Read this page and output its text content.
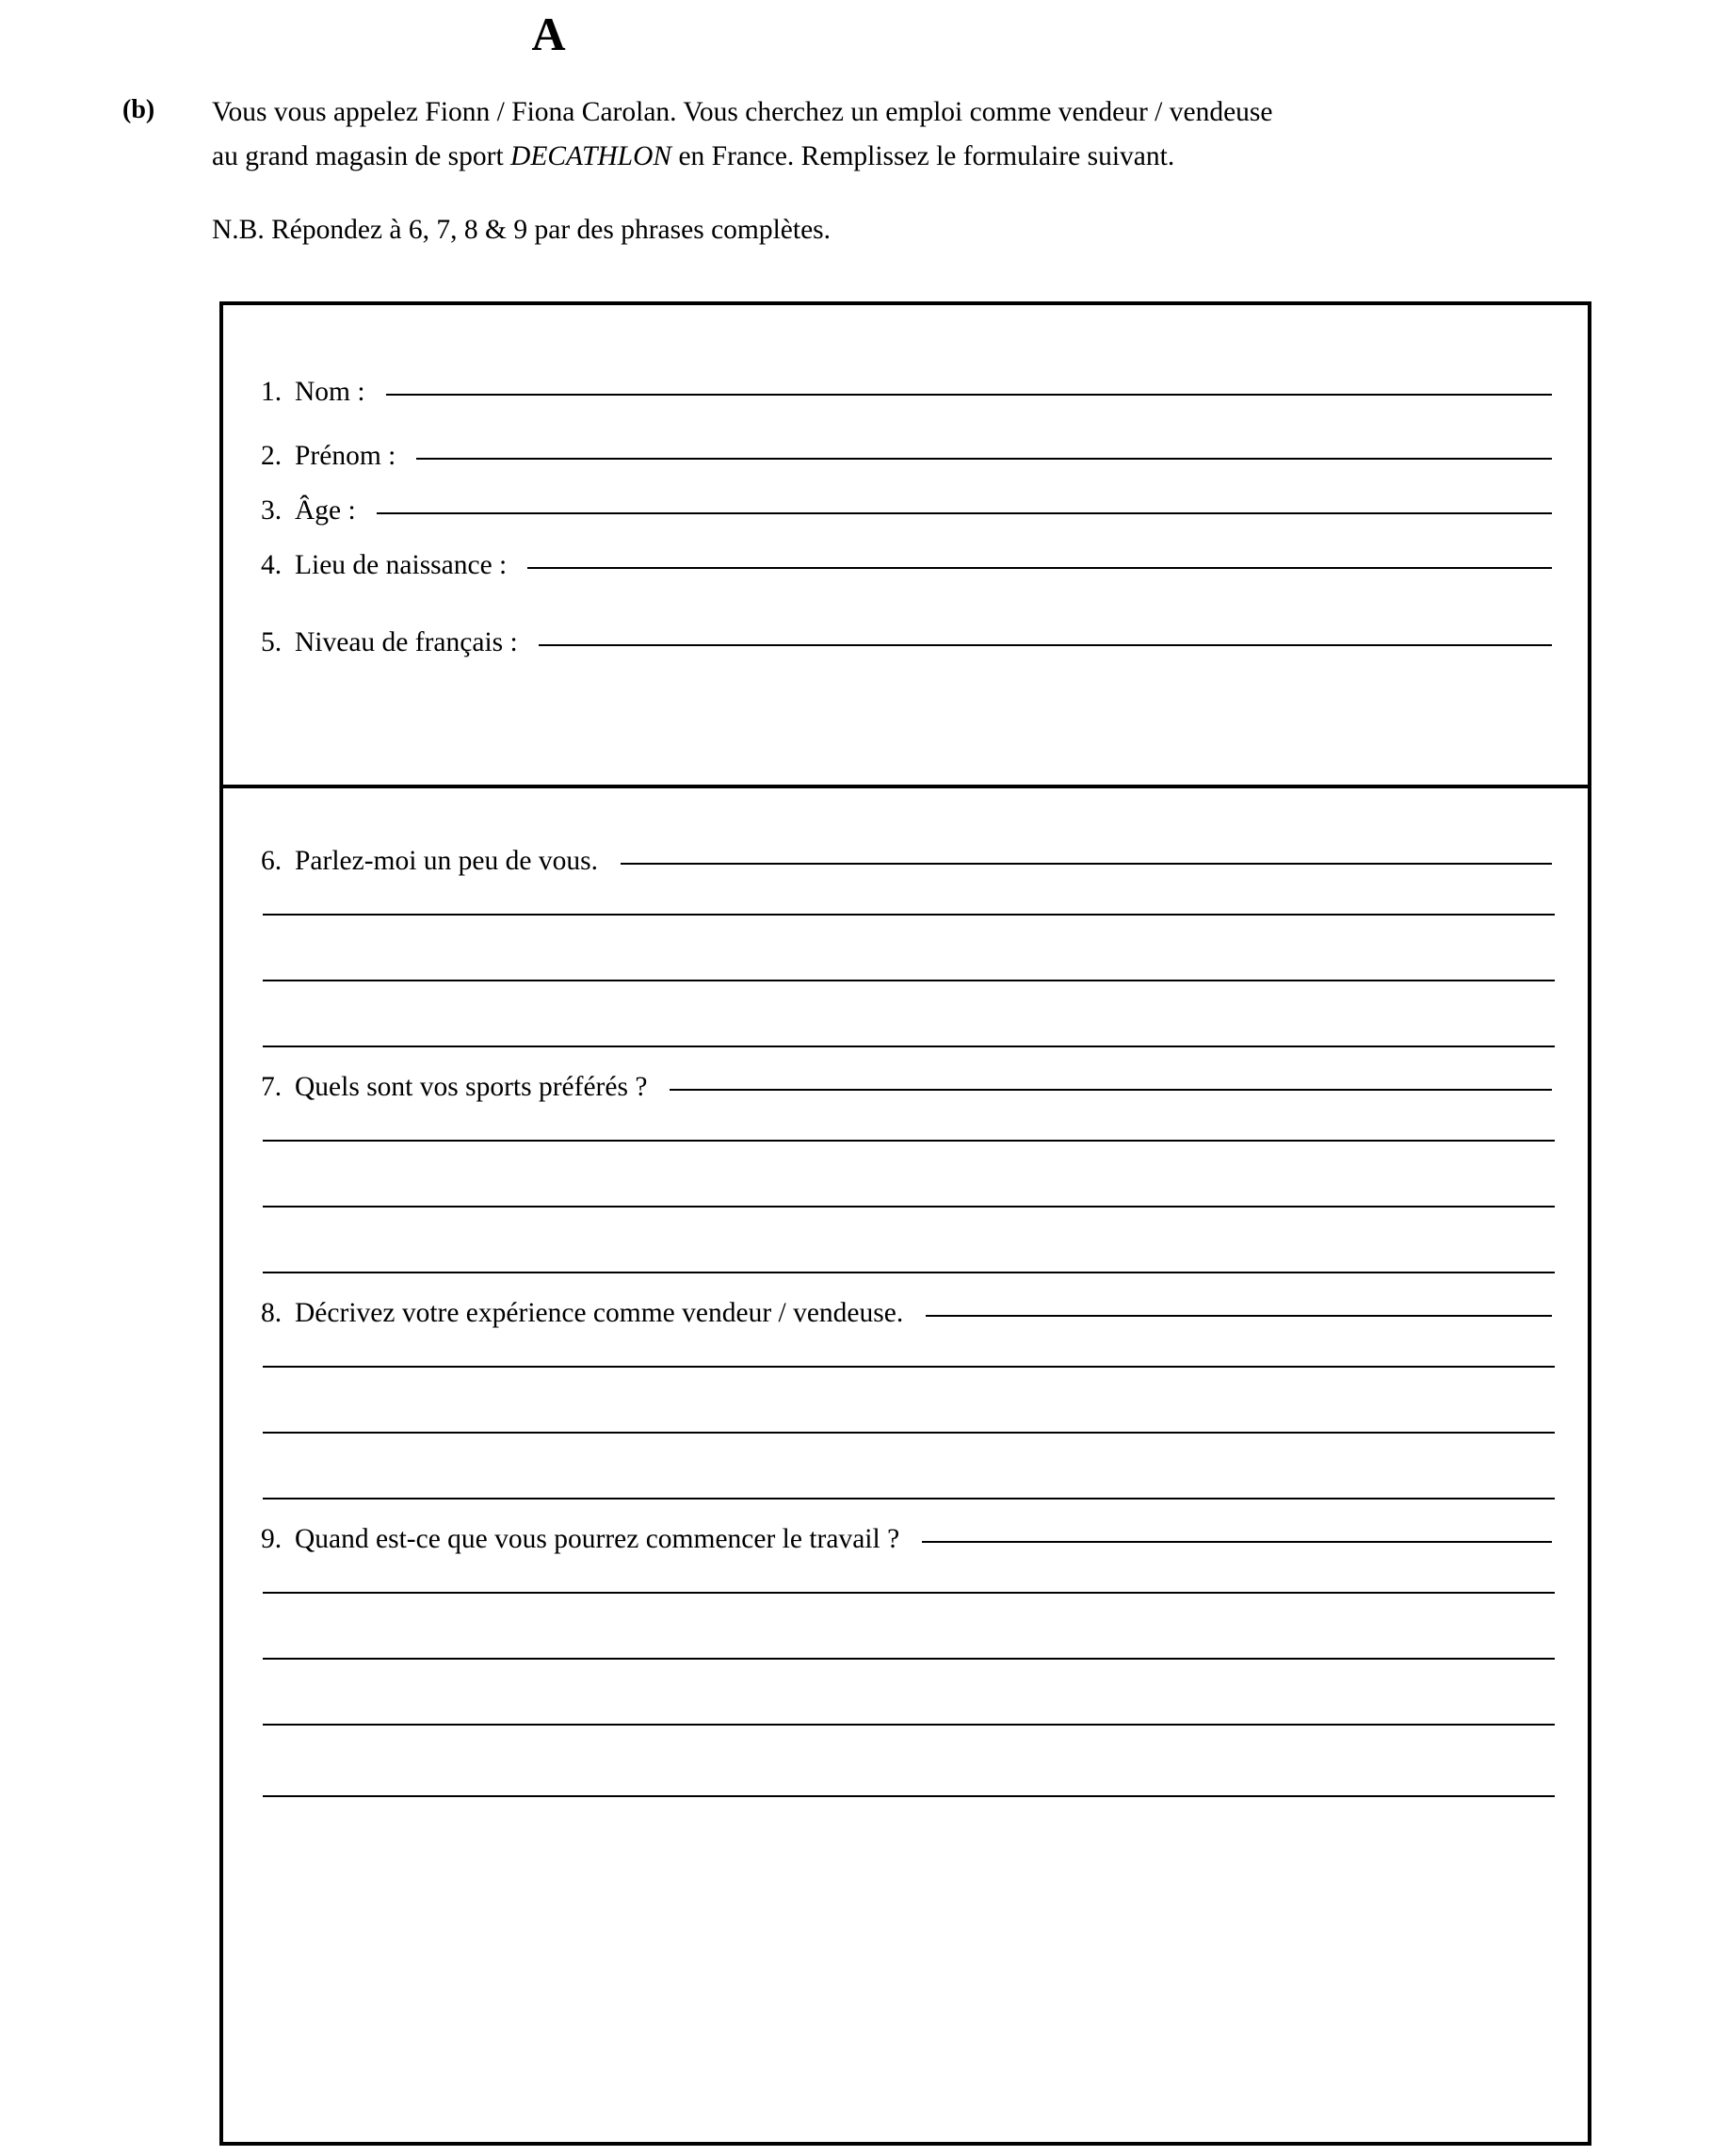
A
(b)	Vous vous appelez Fionn / Fiona Carolan. Vous cherchez un emploi comme vendeur / vendeuse
au grand magasin de sport DECATHLON en France. Remplissez le formulaire suivant.
N.B. Répondez à 6, 7, 8 & 9 par des phrases complètes.
1. Nom :
2. Prénom :
3. Âge :
4. Lieu de naissance :
5. Niveau de français :
6. Parlez-moi un peu de vous.
7. Quels sont vos sports préférés ?
8. Décrivez votre expérience comme vendeur / vendeuse.
9. Quand est-ce que vous pourrez commencer le travail ?
